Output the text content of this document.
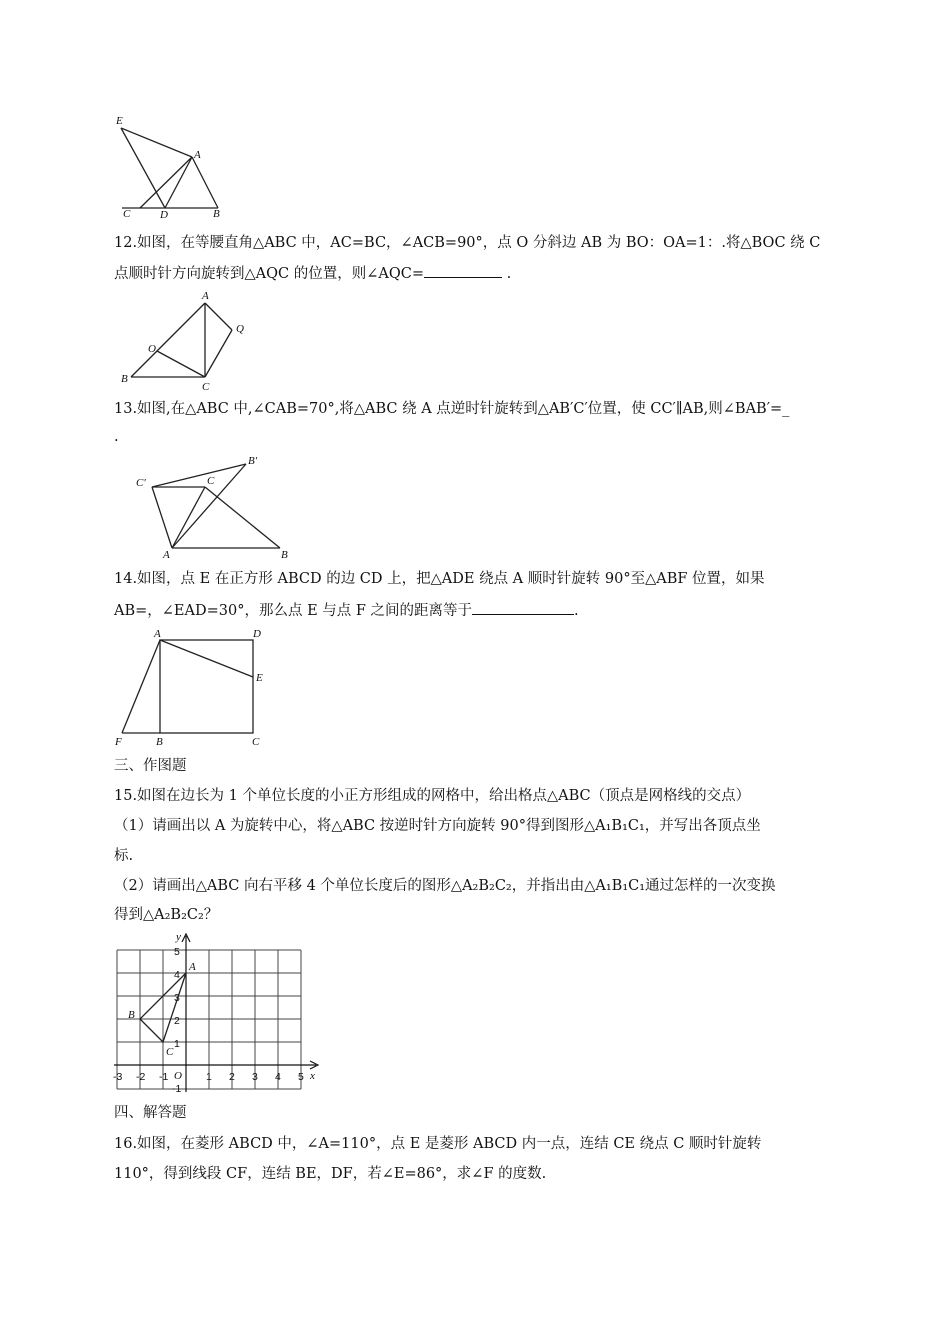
E
A
C	D	B
12.如图，在等腰直角△ABC 中，AC=BC，∠ACB=90°，点 O 分斜边 AB 为 BO：OA=1：.将△BOC 绕 C
点顺时针方向旋转到△AQC 的位置，则∠AQC=	.
A
Q
O
B
C
13.如图,在△ABC 中,∠CAB=70°,将△ABC 绕 A 点逆时针旋转到△AB′C′位置，使 CC′∥AB,则∠BAB′=_
.
C′	C
B′
A	B
14.如图，点 E 在正方形 ABCD 的边 CD 上，把△ADE 绕点 A 顺时针旋转 90°至△ABF 位置，如果
AB=，∠EAD=30°，那么点 E 与点 F 之间的距离等于	.
A	D
E
F	B	C
三、作图题
15.如图在边长为 1 个单位长度的小正方形组成的网格中，给出格点△ABC（顶点是网格线的交点）
（1）请画出以 A 为旋转中心，将△ABC 按逆时针方向旋转 90°得到图形△A₁B₁C₁，并写出各顶点坐
标.
（2）请画出△ABC 向右平移 4 个单位长度后的图形△A₂B₂C₂，并指出由△A₁B₁C₁通过怎样的一次变换
得到△A₂B₂C₂？
y
x
O
5
4
3
2
1
-1
-3 -2 -1	1 2 3 4 5
A
B
C
四、解答题
16.如图，在菱形 ABCD 中，∠A=110°，点 E 是菱形 ABCD 内一点，连结 CE 绕点 C 顺时针旋转
110°，得到线段 CF，连结 BE，DF，若∠E=86°，求∠F 的度数.
